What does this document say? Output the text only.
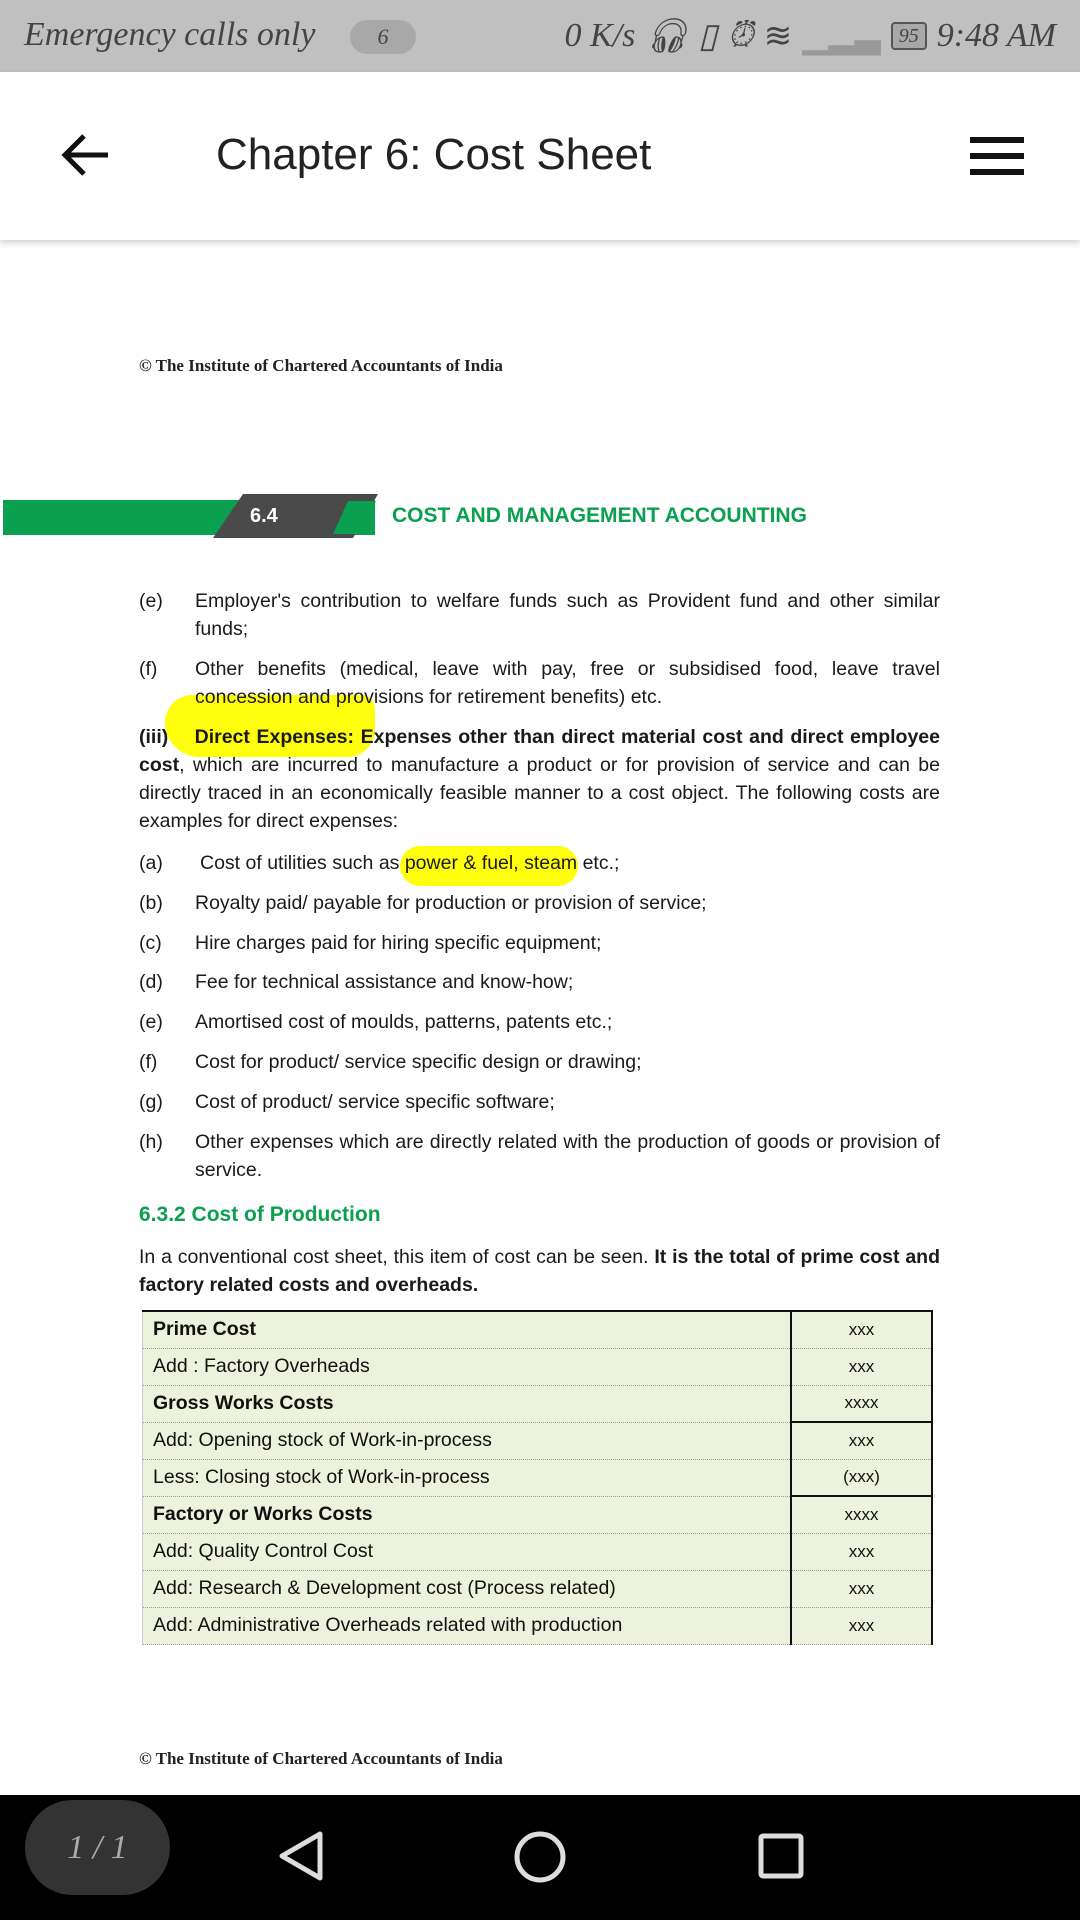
Emergency calls only	6	0 K/s 🎧︎ ▯ ⏰︎ ≋ ▁▂▃ 95 9:48 AM
Chapter 6: Cost Sheet
© The Institute of Chartered Accountants of India
6.4	COST AND MANAGEMENT ACCOUNTING
(e) Employer's contribution to welfare funds such as Provident fund and other similar funds;
(f) Other benefits (medical, leave with pay, free or subsidised food, leave travel concession and provisions for retirement benefits) etc.
(iii) Direct Expenses: Expenses other than direct material cost and direct employee cost, which are incurred to manufacture a product or for provision of service and can be directly traced in an economically feasible manner to a cost object. The following costs are examples for direct expenses:
(a) Cost of utilities such as power & fuel, steam etc.;
(b) Royalty paid/ payable for production or provision of service;
(c) Hire charges paid for hiring specific equipment;
(d) Fee for technical assistance and know-how;
(e) Amortised cost of moulds, patterns, patents etc.;
(f) Cost for product/ service specific design or drawing;
(g) Cost of product/ service specific software;
(h) Other expenses which are directly related with the production of goods or provision of service.
6.3.2 Cost of Production
In a conventional cost sheet, this item of cost can be seen. It is the total of prime cost and factory related costs and overheads.
Prime Cost	xxx
Add : Factory Overheads	xxx
Gross Works Costs	xxxx
Add: Opening stock of Work-in-process	xxx
Less: Closing stock of Work-in-process	(xxx)
Factory or Works Costs	xxxx
Add: Quality Control Cost	xxx
Add: Research & Development cost (Process related)	xxx
Add: Administrative Overheads related with production	xxx
© The Institute of Chartered Accountants of India
1 / 1
